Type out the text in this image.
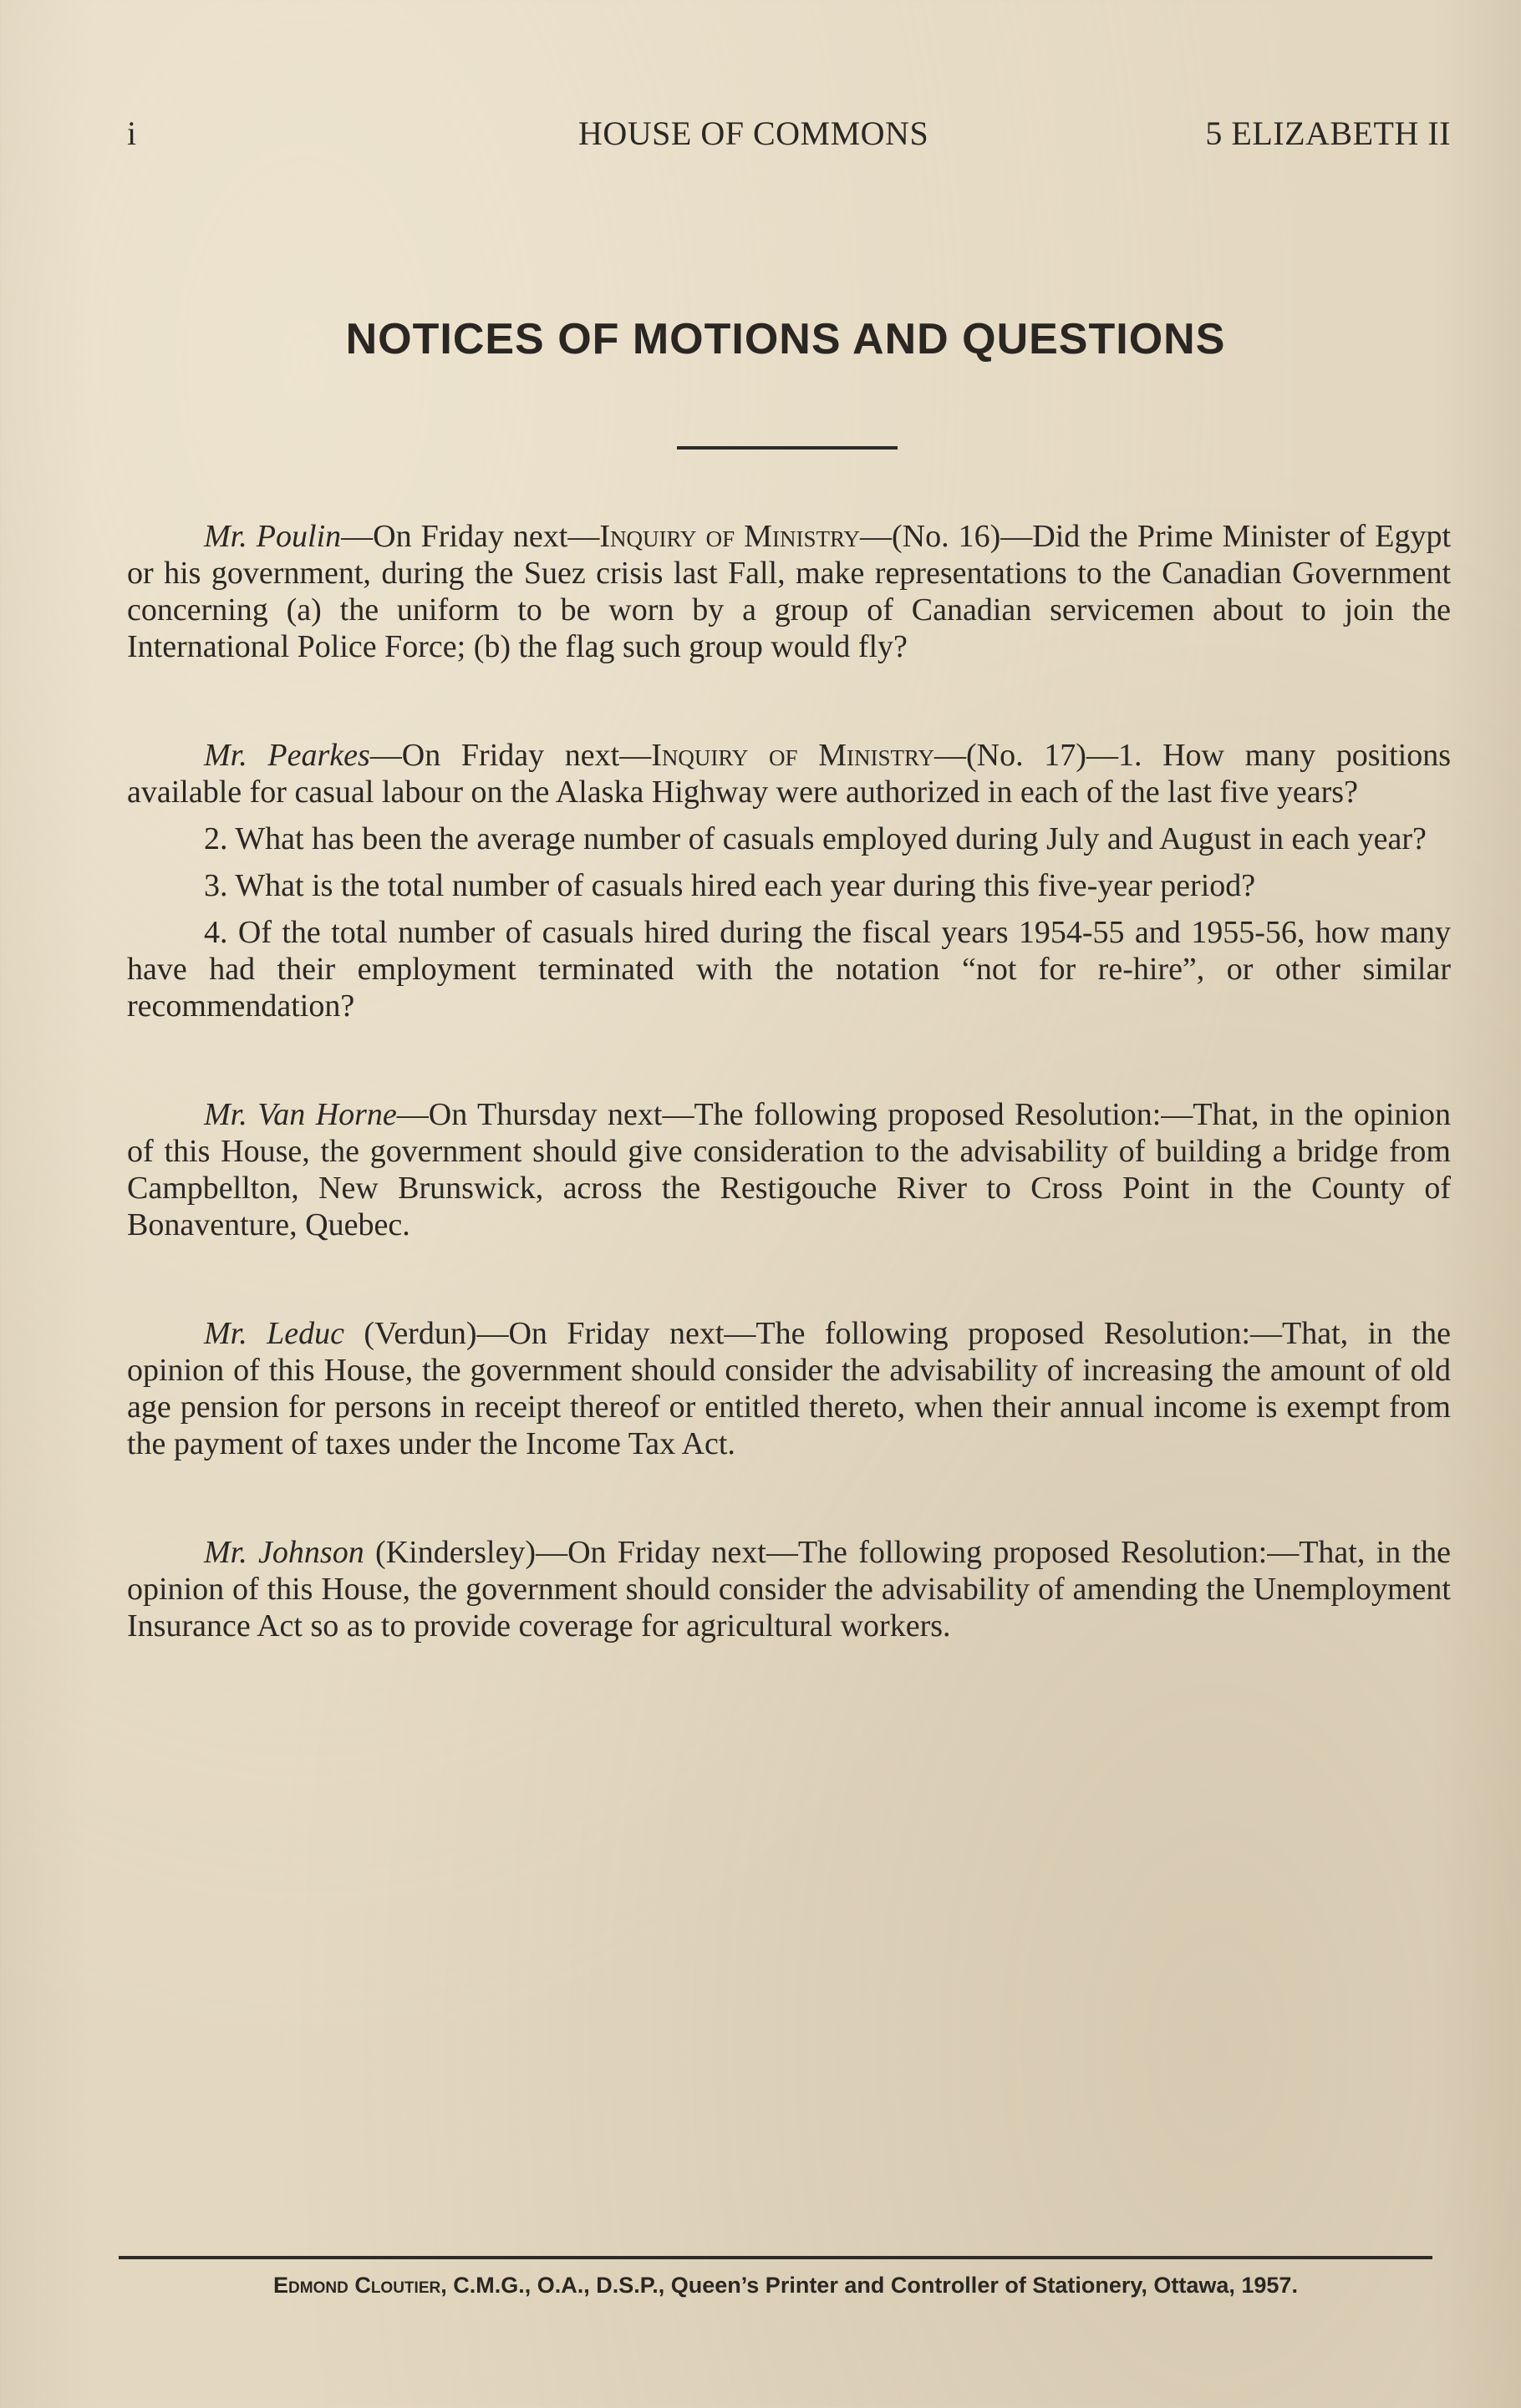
i	HOUSE OF COMMONS	5 ELIZABETH II
NOTICES OF MOTIONS AND QUESTIONS

Mr. Poulin—On Friday next—Inquiry of Ministry—(No. 16)—Did the Prime Minister of Egypt or his government, during the Suez crisis last Fall, make representations to the Canadian Government concerning (a) the uniform to be worn by a group of Canadian servicemen about to join the International Police Force; (b) the flag such group would fly?

Mr. Pearkes—On Friday next—Inquiry of Ministry—(No. 17)—1. How many positions available for casual labour on the Alaska Highway were authorized in each of the last five years?

2. What has been the average number of casuals employed during July and August in each year?

3. What is the total number of casuals hired each year during this five-year period?

4. Of the total number of casuals hired during the fiscal years 1954-55 and 1955-56, how many have had their employment terminated with the notation “not for re-hire”, or other similar recommendation?

Mr. Van Horne—On Thursday next—The following proposed Resolution:—That, in the opinion of this House, the government should give consideration to the advisability of building a bridge from Campbellton, New Brunswick, across the Restigouche River to Cross Point in the County of Bonaventure, Quebec.

Mr. Leduc (Verdun)—On Friday next—The following proposed Resolution:—That, in the opinion of this House, the government should consider the advisability of increasing the amount of old age pension for persons in receipt thereof or entitled thereto, when their annual income is exempt from the payment of taxes under the Income Tax Act.

Mr. Johnson (Kindersley)—On Friday next—The following proposed Resolution:—That, in the opinion of this House, the government should consider the advisability of amending the Unemployment Insurance Act so as to provide coverage for agricultural workers.

Edmond Cloutier, C.M.G., O.A., D.S.P., Queen’s Printer and Controller of Stationery, Ottawa, 1957.
